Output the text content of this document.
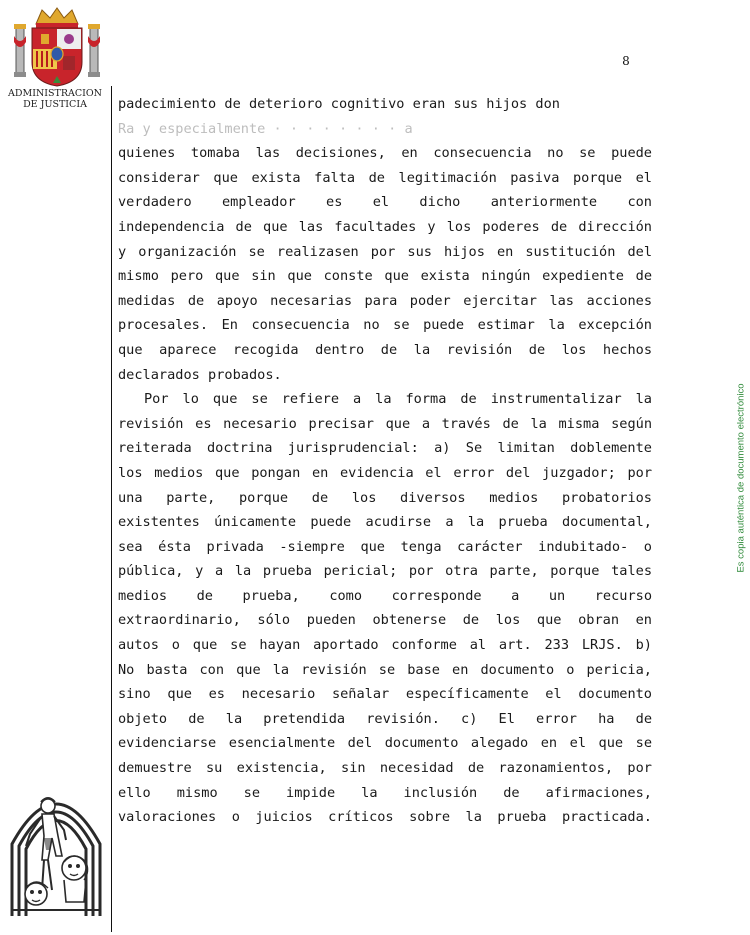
ADMINISTRACION
DE JUSTICIA
8
Es copia auténtica de documento electrónico
padecimiento de deterioro cognitivo eran sus hijos don
Ra y especialmente · · · · · · · · a
quienes tomaba las decisiones, en consecuencia no se puede
considerar que exista falta de legitimación pasiva porque el
verdadero empleador es el dicho anteriormente con
independencia de que las facultades y los poderes de dirección
y organización se realizasen por sus hijos en sustitución del
mismo pero que sin que conste que exista ningún expediente de
medidas de apoyo necesarias para poder ejercitar las acciones
procesales. En consecuencia no se puede estimar la excepción
que aparece recogida dentro de la revisión de los hechos
declarados probados.
Por lo que se refiere a la forma de instrumentalizar la
revisión es necesario precisar que a través de la misma según
reiterada doctrina jurisprudencial: a) Se limitan doblemente
los medios que pongan en evidencia el error del juzgador; por
una parte, porque de los diversos medios probatorios
existentes únicamente puede acudirse a la prueba documental,
sea ésta privada -siempre que tenga carácter indubitado- o
pública, y a la prueba pericial; por otra parte, porque tales
medios de prueba, como corresponde a un recurso
extraordinario, sólo pueden obtenerse de los que obran en
autos o que se hayan aportado conforme al art. 233 LRJS. b)
No basta con que la revisión se base en documento o pericia,
sino que es necesario señalar específicamente el documento
objeto de la pretendida revisión. c) El error ha de
evidenciarse esencialmente del documento alegado en el que se
demuestre su existencia, sin necesidad de razonamientos, por
ello mismo se impide la inclusión de afirmaciones,
valoraciones o juicios críticos sobre la prueba practicada.
